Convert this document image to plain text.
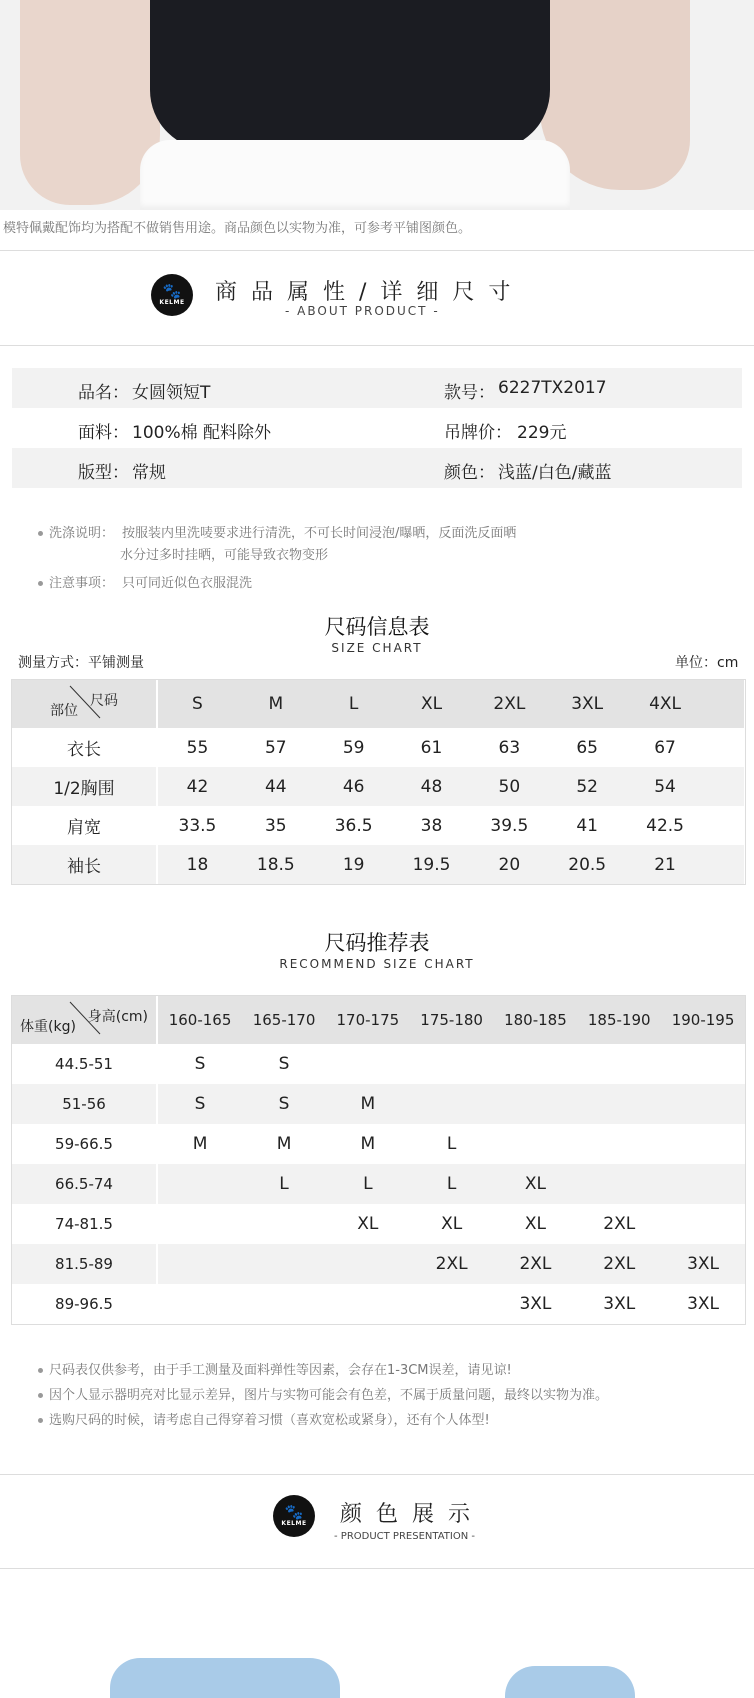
模特佩戴配饰均为搭配不做销售用途。商品颜色以实物为准，可参考平铺图颜色。
🐾
KELME 商品属性/详细尺寸
- ABOUT PRODUCT -
品名： 女圆领短T	款号： 6227TX2017
面料： 100%棉 配料除外	吊牌价： 229元
版型： 常规	颜色： 浅蓝/白色/藏蓝
洗涤说明： 按服装内里洗唛要求进行清洗，不可长时间浸泡/曝晒，反面洗反面晒
水分过多时挂晒，可能导致衣物变形
注意事项： 只可同近似色衣服混洗
尺码信息表
SIZE CHART
测量方式：平铺测量	单位：cm
尺码
部位	S	M	L	XL	2XL	3XL	4XL	
衣长	55	57	59	61	63	65	67	
1/2胸围	42	44	46	48	50	52	54	
肩宽	33.5	35	36.5	38	39.5	41	42.5	
袖长	18	18.5	19	19.5	20	20.5	21	
尺码推荐表
RECOMMEND SIZE CHART
身高(cm)
体重(kg)	160-165	165-170	170-175	175-180	180-185	185-190	190-195
44.5-51	S	S					
51-56	S	S	M				
59-66.5	M	M	M	L			
66.5-74		L	L	L	XL		
74-81.5			XL	XL	XL	2XL	
81.5-89				2XL	2XL	2XL	3XL
89-96.5					3XL	3XL	3XL
尺码表仅供参考，由于手工测量及面料弹性等因素，会存在1-3CM误差，请见谅!
因个人显示器明亮对比显示差异，图片与实物可能会有色差，不属于质量问题，最终以实物为准。
选购尺码的时候，请考虑自己得穿着习惯（喜欢宽松或紧身），还有个人体型!
🐾
KELME 颜色展示
- PRODUCT PRESENTATION -
